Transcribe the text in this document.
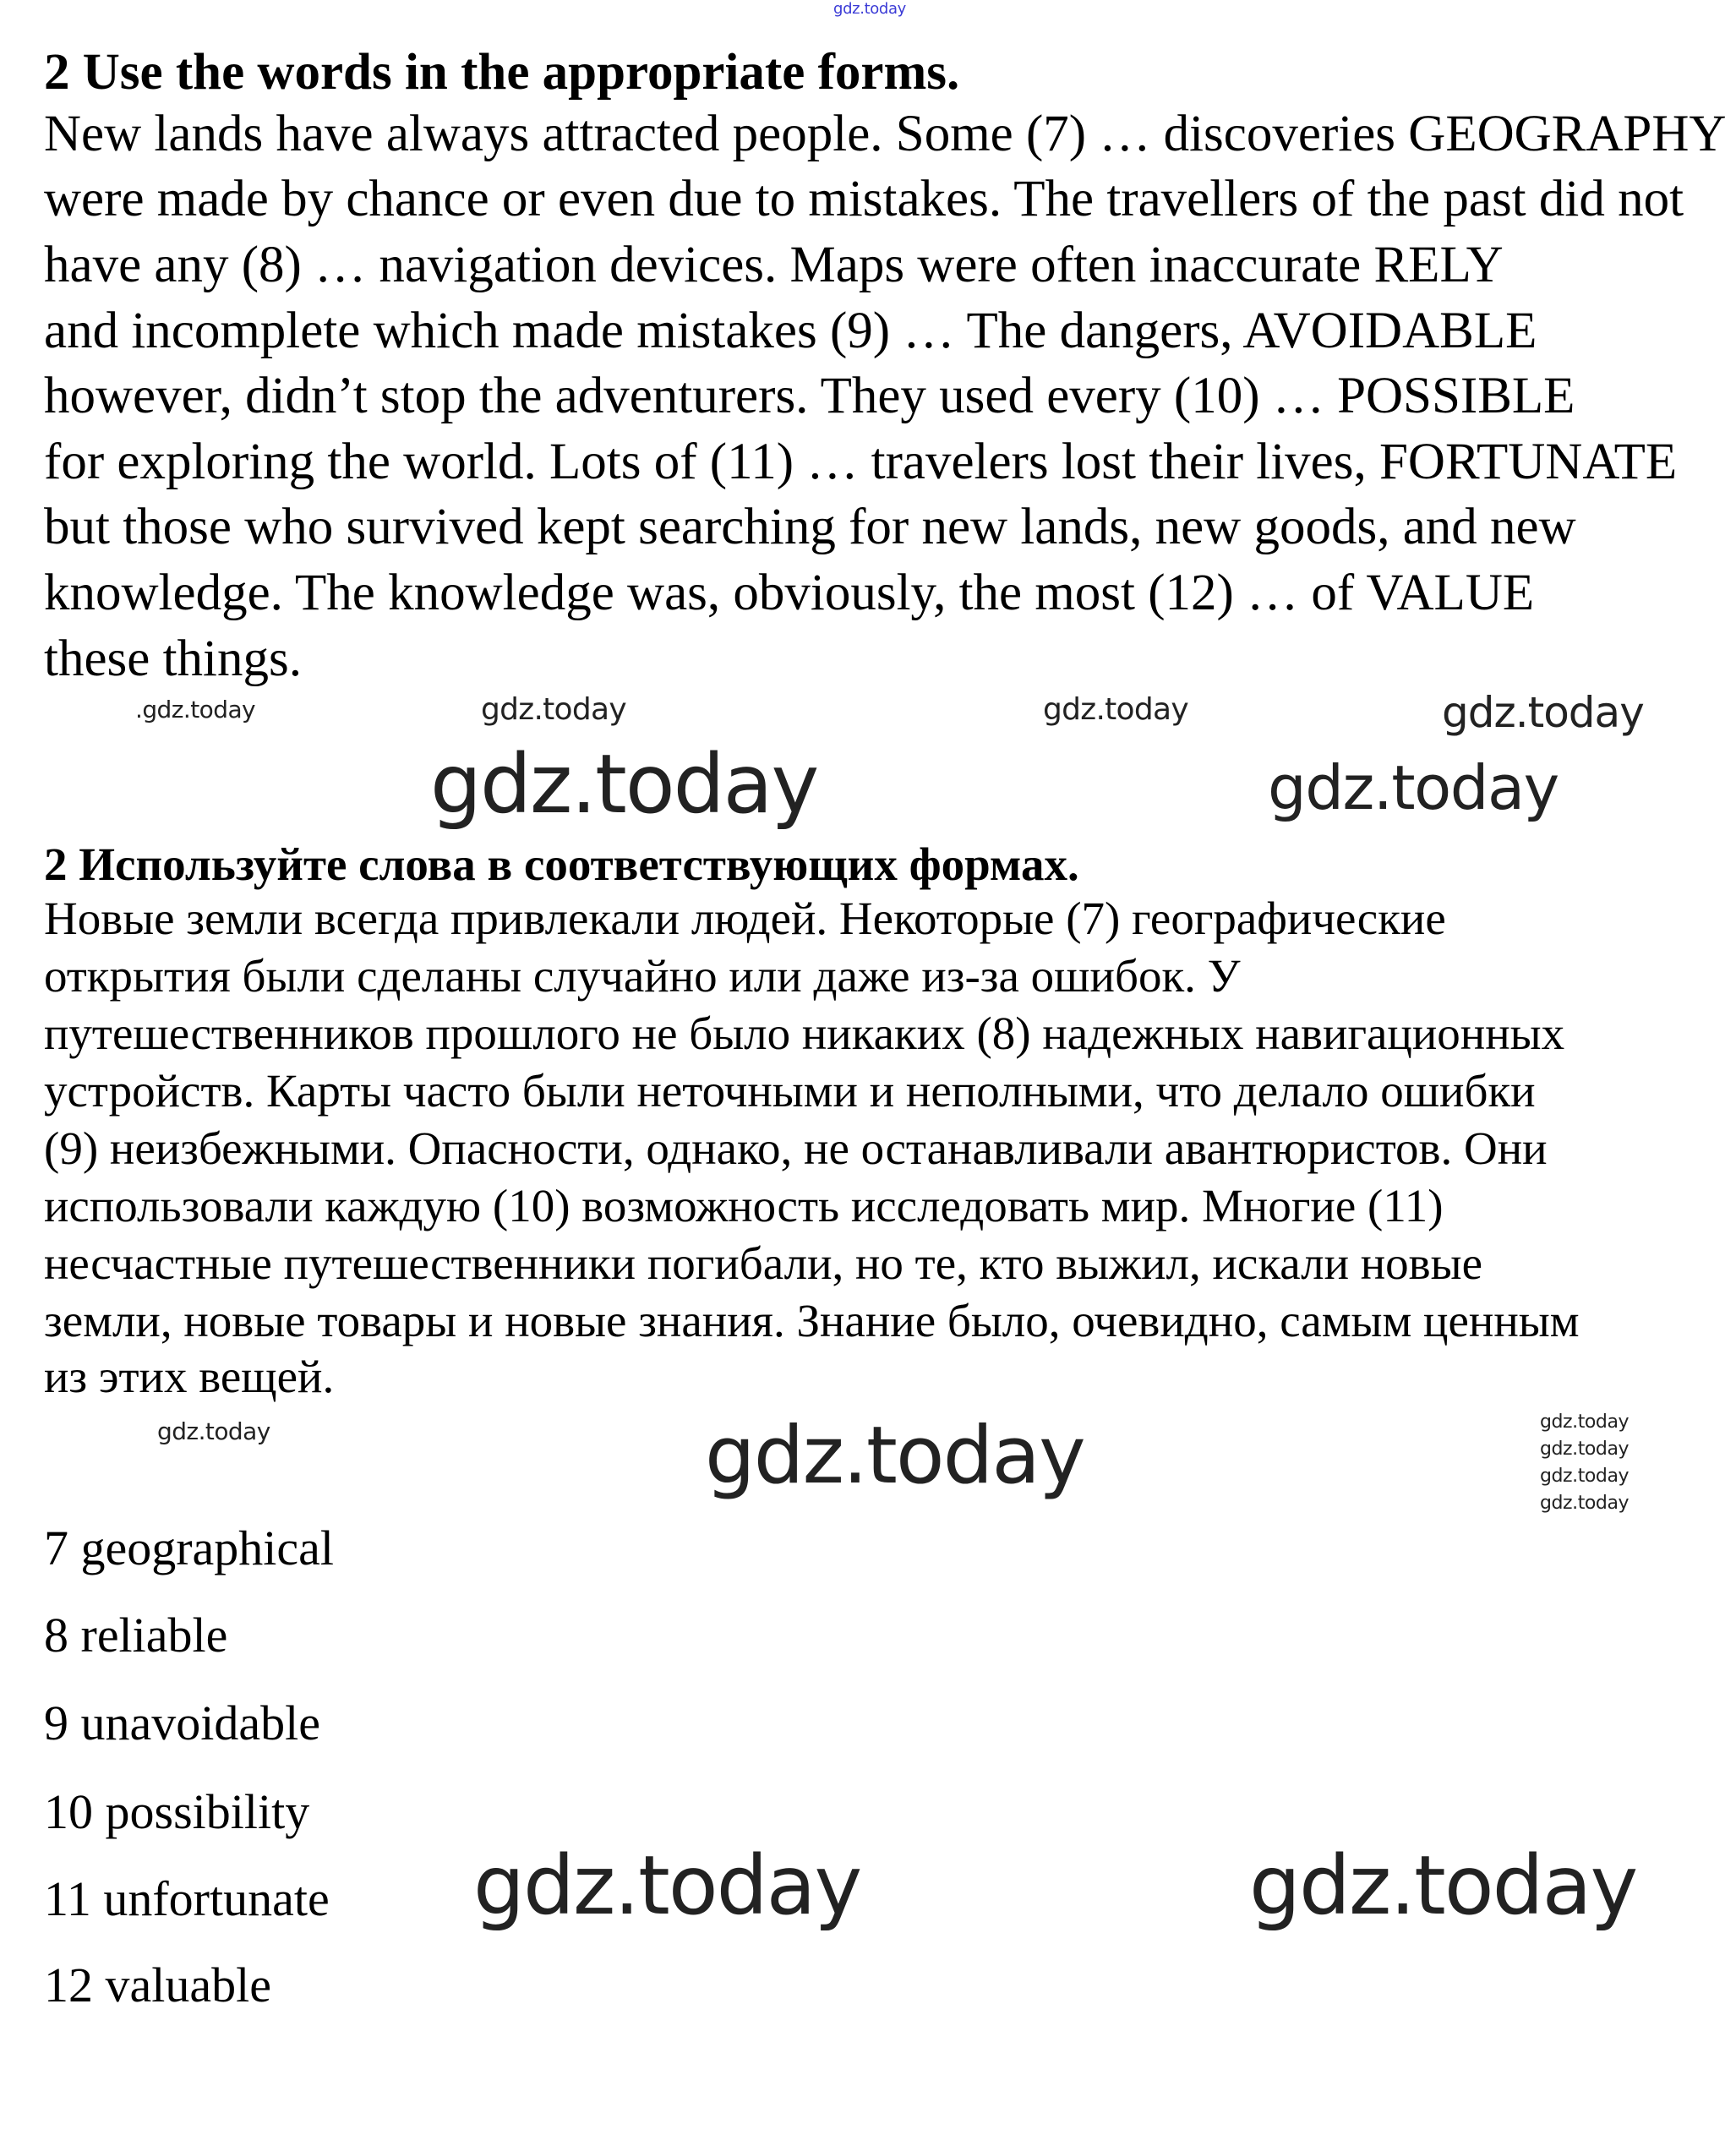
2 Use the words in the appropriate forms.
New lands have always attracted people. Some (7) … discoveries GEOGRAPHY
were made by chance or even due to mistakes. The travellers of the past did not
have any (8) … navigation devices. Maps were often inaccurate RELY
and incomplete which made mistakes (9) … The dangers, AVOIDABLE
however, didn’t stop the adventurers. They used every (10) … POSSIBLE
for exploring the world. Lots of (11) … travelers lost their lives, FORTUNATE
but those who survived kept searching for new lands, new goods, and new
knowledge. The knowledge was, obviously, the most (12) … of VALUE
these things.
2 Используйте слова в соответствующих формах.
Новые земли всегда привлекали людей. Некоторые (7) географические
открытия были сделаны случайно или даже из-за ошибок. У
путешественников прошлого не было никаких (8) надежных навигационных
устройств. Карты часто были неточными и неполными, что делало ошибки
(9) неизбежными. Опасности, однако, не останавливали авантюристов. Они
использовали каждую (10) возможность исследовать мир. Многие (11)
несчастные путешественники погибали, но те, кто выжил, искали новые
земли, новые товары и новые знания. Знание было, очевидно, самым ценным
из этих вещей.
7 geographical
8 reliable
9 unavoidable
10 possibility
11 unfortunate
12 valuable
gdz.today
gdz.today
.gdz.today	gdz.today	gdz.today
gdz.today
gdz.today
gdz.today
gdz.today
gdz.today
gdz.today
gdz.today
gdz.today
gdz.today	gdz.today
